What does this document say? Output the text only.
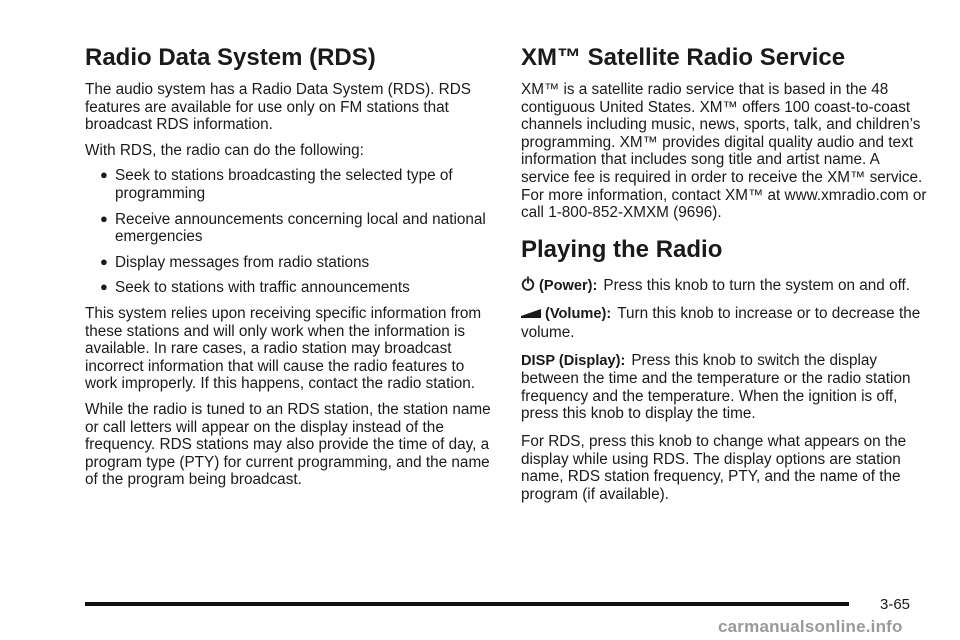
Radio Data System (RDS)

The audio system has a Radio Data System (RDS). RDS features are available for use only on FM stations that broadcast RDS information.

With RDS, the radio can do the following:

● Seek to stations broadcasting the selected type of programming
● Receive announcements concerning local and national emergencies
● Display messages from radio stations
● Seek to stations with traffic announcements

This system relies upon receiving specific information from these stations and will only work when the information is available. In rare cases, a radio station may broadcast incorrect information that will cause the radio features to work improperly. If this happens, contact the radio station.

While the radio is tuned to an RDS station, the station name or call letters will appear on the display instead of the frequency. RDS stations may also provide the time of day, a program type (PTY) for current programming, and the name of the program being broadcast.

XM™ Satellite Radio Service

XM™ is a satellite radio service that is based in the 48 contiguous United States. XM™ offers 100 coast-to-coast channels including music, news, sports, talk, and children’s programming. XM™ provides digital quality audio and text information that includes song title and artist name. A service fee is required in order to receive the XM™ service. For more information, contact XM™ at www.xmradio.com or call 1-800-852-XMXM (9696).

Playing the Radio

(Power): Press this knob to turn the system on and off.

(Volume): Turn this knob to increase or to decrease the volume.

DISP (Display): Press this knob to switch the display between the time and the temperature or the radio station frequency and the temperature. When the ignition is off, press this knob to display the time.

For RDS, press this knob to change what appears on the display while using RDS. The display options are station name, RDS station frequency, PTY, and the name of the program (if available).

3-65
carmanualsonline.info
